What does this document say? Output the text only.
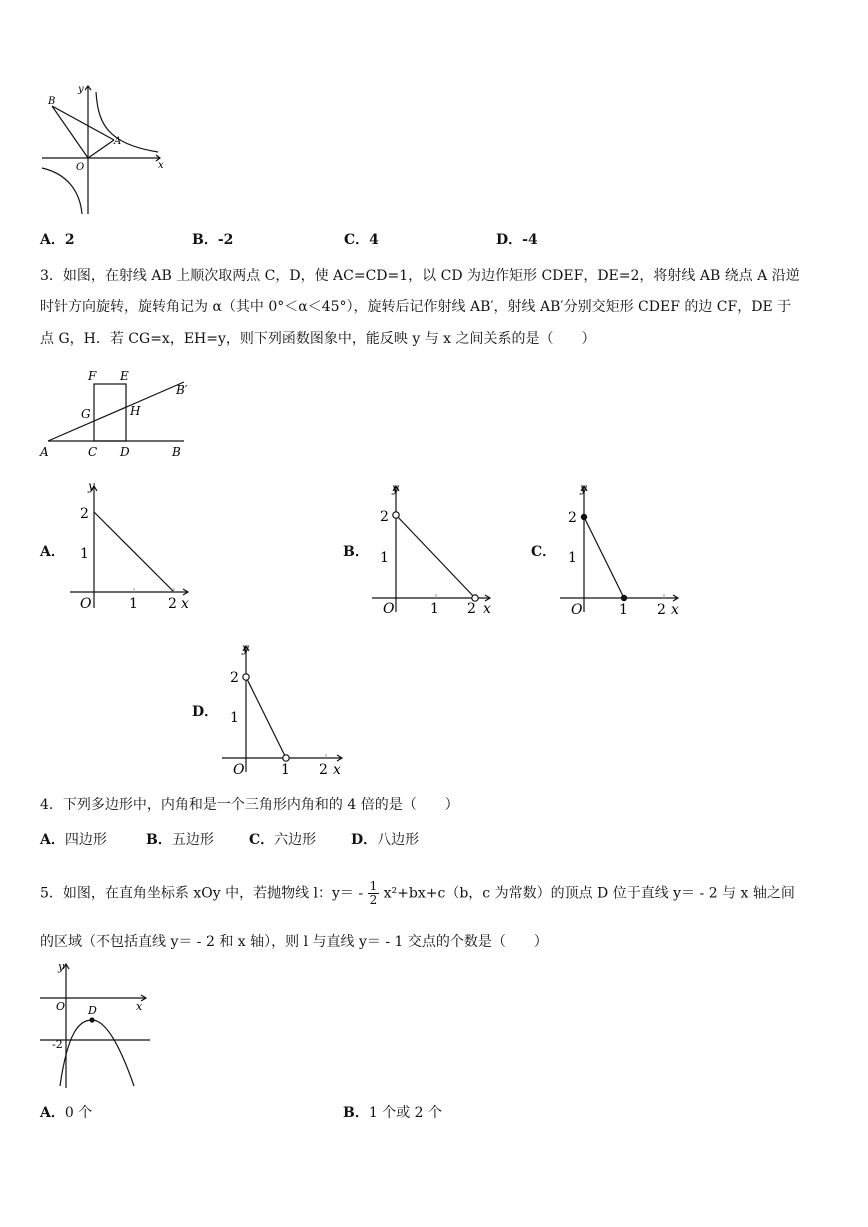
y
x
O
A
B
A．2	B．-2	C．4	D．-4
3．如图，在射线 AB 上顺次取两点 C，D，使 AC=CD=1，以 CD 为边作矩形 CDEF，DE=2，将射线 AB 绕点 A 沿逆
时针方向旋转，旋转角记为 α（其中 0°＜α＜45°），旋转后记作射线 AB′，射线 AB′分别交矩形 CDEF 的边 CF，DE 于
点 G，H．若 CG=x，EH=y，则下列函数图象中，能反映 y 与 x 之间关系的是（　　）
F E
G	H
A	C D	B
B′
A．	B．	C．
D．
y
2
1
O	1 2 x
y
2
1
O	1 2 x
y
2
1
O	1 2 x
y
2
1
O	1 2 x
4．下列多边形中，内角和是一个三角形内角和的 4 倍的是（　　）
A．四边形	B．五边形	C．六边形 D．八边形
5．如图，在直角坐标系 xOy 中，若抛物线 l：$y= - \frac{1}{2} x^2+bx+c(b$，c 为常数）的顶点 D 位于直线 y＝ - 2 与 x 轴之间
的区域（不包括直线 y＝ - 2 和 x 轴），则 l 与直线 y＝ - 1 交点的个数是（　　）
y
x
O D
-2
A．0 个	B．1 个或 2 个
